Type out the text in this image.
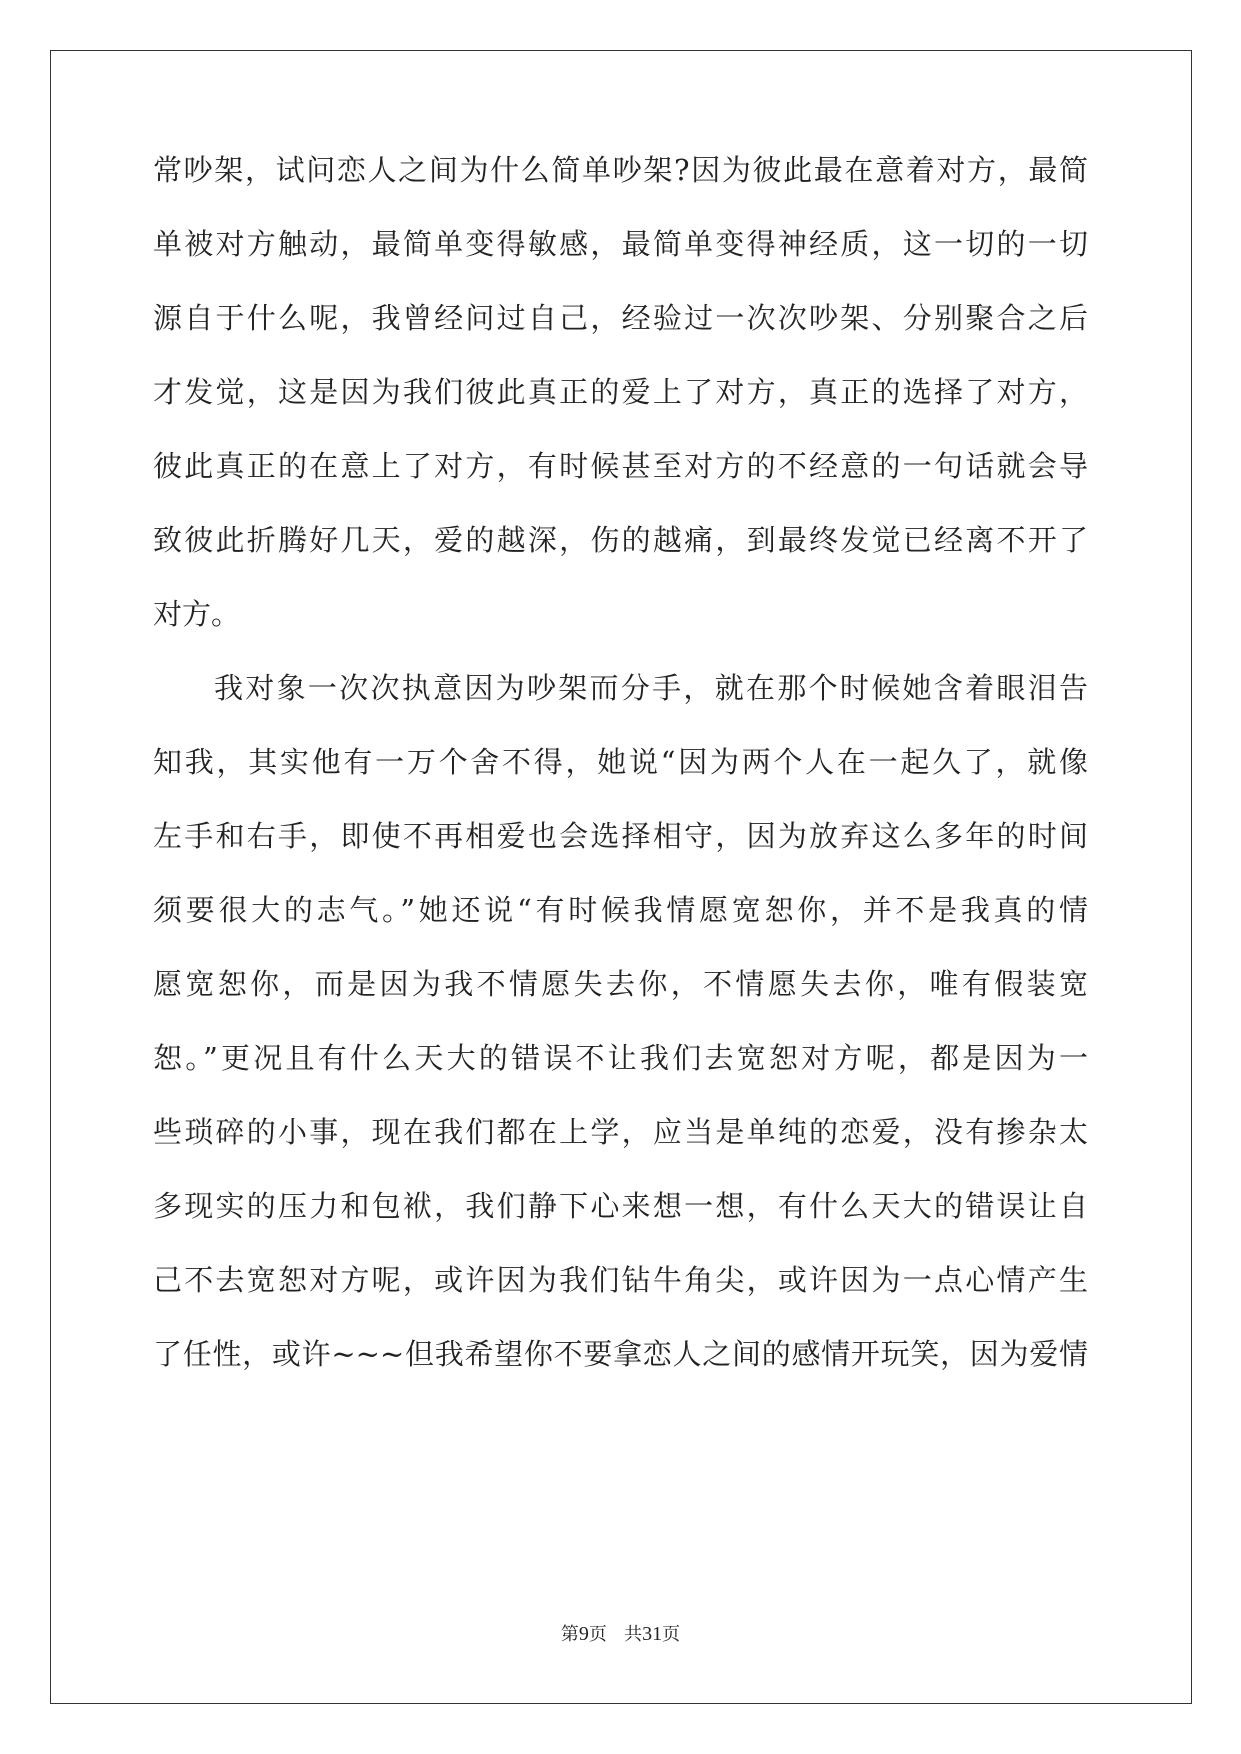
常吵架，试问恋人之间为什么简单吵架?因为彼此最在意着对方，最简
单被对方触动，最简单变得敏感，最简单变得神经质，这一切的一切
源自于什么呢，我曾经问过自己，经验过一次次吵架、分别聚合之后
才发觉，这是因为我们彼此真正的爱上了对方，真正的选择了对方，
彼此真正的在意上了对方，有时候甚至对方的不经意的一句话就会导
致彼此折腾好几天，爱的越深，伤的越痛，到最终发觉已经离不开了
对方。
我对象一次次执意因为吵架而分手，就在那个时候她含着眼泪告
知我，其实他有一万个舍不得，她说“因为两个人在一起久了，就像
左手和右手，即使不再相爱也会选择相守，因为放弃这么多年的时间
须要很大的志气。”她还说“有时候我情愿宽恕你，并不是我真的情
愿宽恕你，而是因为我不情愿失去你，不情愿失去你，唯有假装宽
恕。”更况且有什么天大的错误不让我们去宽恕对方呢，都是因为一
些琐碎的小事，现在我们都在上学，应当是单纯的恋爱，没有掺杂太
多现实的压力和包袱，我们静下心来想一想，有什么天大的错误让自
己不去宽恕对方呢，或许因为我们钻牛角尖，或许因为一点心情产生
了任性，或许~~~但我希望你不要拿恋人之间的感情开玩笑，因为爱情
第9页 共31页
